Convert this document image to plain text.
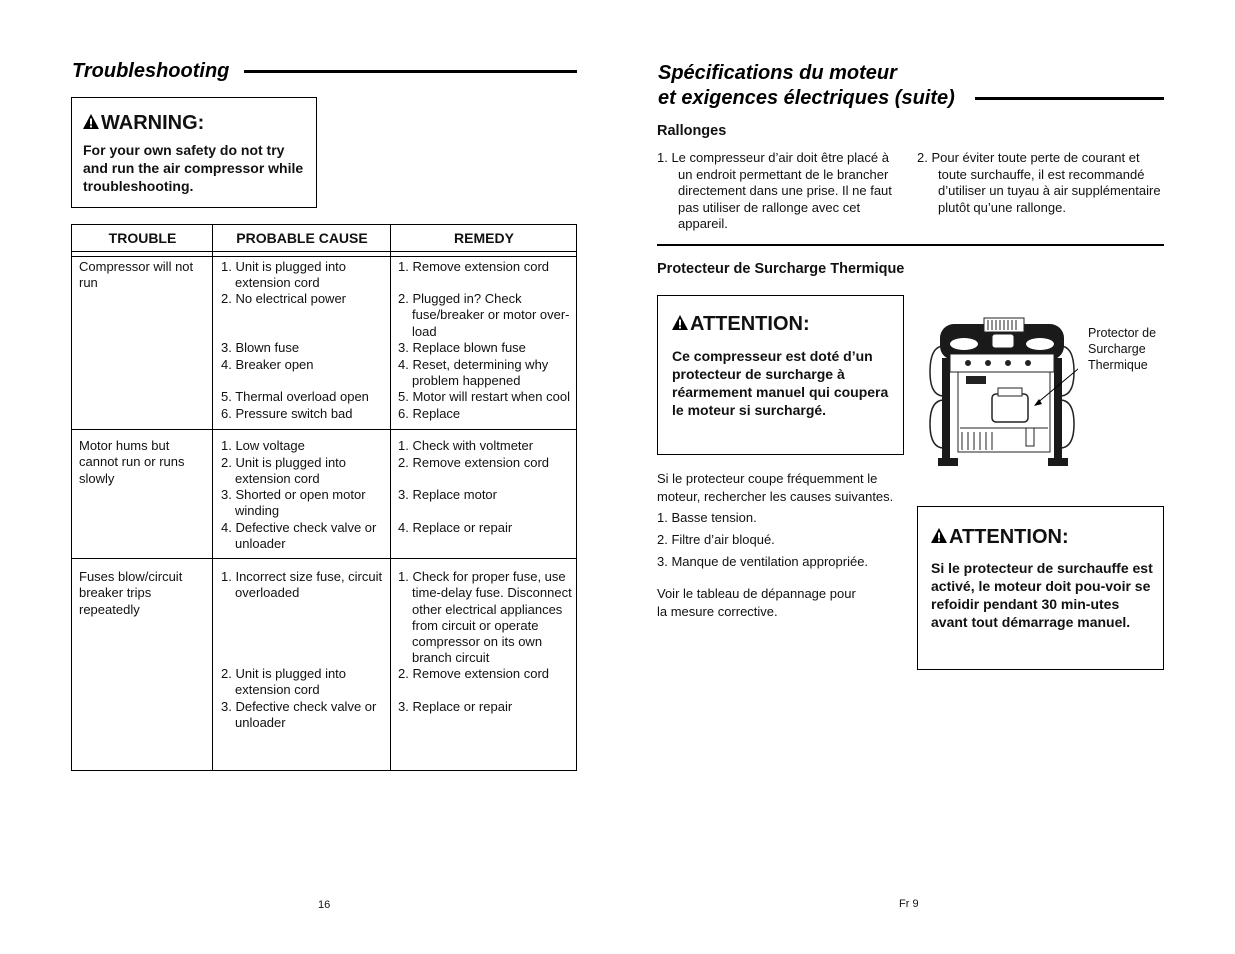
Troubleshooting
WARNING:
For your own safety do not try and run the air compressor while troubleshooting.
TROUBLE	PROBABLE CAUSE	REMEDY
Compressor will not run
1. Unit is plugged into extension cord
2. No electrical power
3. Blown fuse
4. Breaker open
5. Thermal overload open
6. Pressure switch bad
1. Remove extension cord
2. Plugged in? Check fuse/breaker or motor over-load
3. Replace blown fuse
4. Reset, determining why problem happened
5. Motor will restart when cool
6. Replace
Motor hums but cannot run or runs slowly
1. Low voltage
2. Unit is plugged into extension cord
3. Shorted or open motor winding
4. Defective check valve or unloader
1. Check with voltmeter
2. Remove extension cord
3. Replace motor
4. Replace or repair
Fuses blow/circuit breaker trips repeatedly
1. Incorrect size fuse, circuit overloaded
2. Unit is plugged into extension cord
3. Defective check valve or unloader
1. Check for proper fuse, use time-delay fuse. Disconnect other electrical appliances from circuit or operate compressor on its own branch circuit
2. Remove extension cord
3. Replace or repair
16
Spécifications du moteur
et exigences électriques (suite)
Rallonges
1. Le compresseur d’air doit être placé à un endroit permettant de le brancher directement dans une prise. Il ne faut pas utiliser de rallonge avec cet appareil.
2. Pour éviter toute perte de courant et toute surchauffe, il est recommandé d’utiliser un tuyau à air supplémentaire plutôt qu’une rallonge.
Protecteur de Surcharge Thermique
ATTENTION:
Ce compresseur est doté d’un protecteur de surcharge à réarmement manuel qui coupera le moteur si surchargé.
Protector de Surcharge Thermique
Si le protecteur coupe fréquemment le moteur, rechercher les causes suivantes.
1. Basse tension.
2. Filtre d’air bloqué.
3. Manque de ventilation appropriée.
Voir le tableau de dépannage pour la mesure corrective.
ATTENTION:
Si le protecteur de surchauffe est activé, le moteur doit pou-voir se refoidir pendant 30 min-utes avant tout démarrage manuel.
Fr 9
